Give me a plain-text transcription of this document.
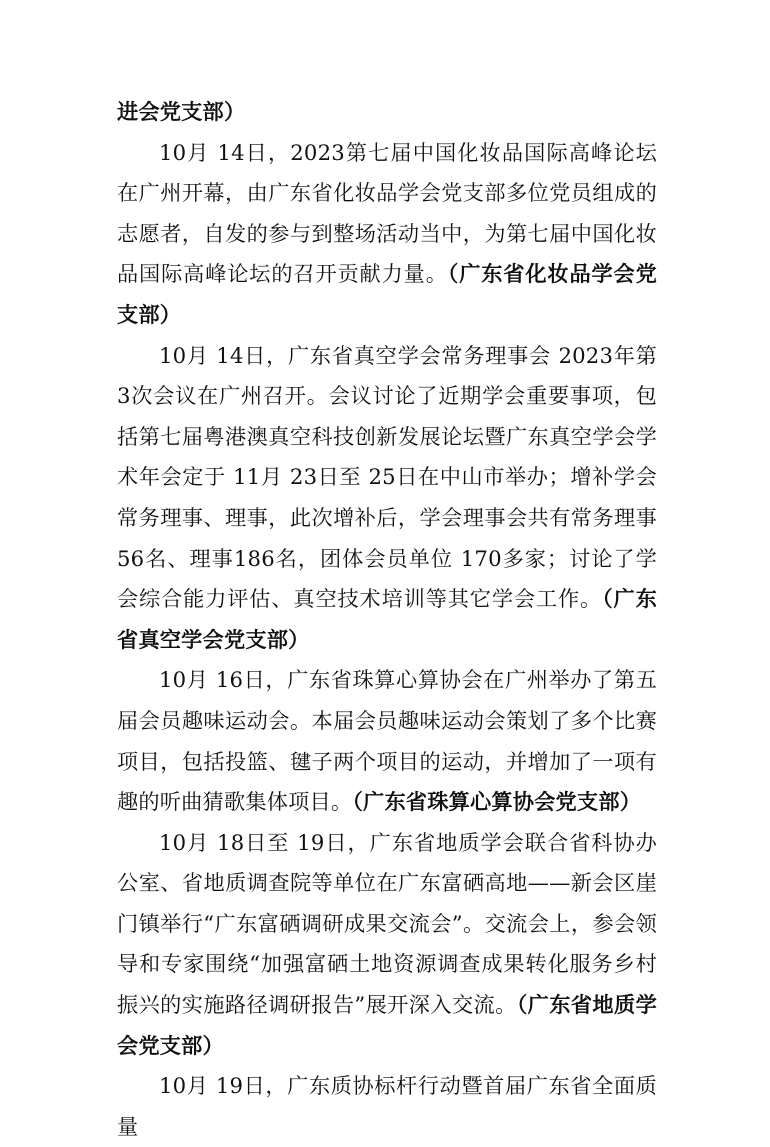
进会党支部）

10月 14日，2023第七届中国化妆品国际高峰论坛在广州开幕，由广东省化妆品学会党支部多位党员组成的志愿者，自发的参与到整场活动当中，为第七届中国化妆品国际高峰论坛的召开贡献力量。（广东省化妆品学会党支部）

10月 14日，广东省真空学会常务理事会 2023年第 3次会议在广州召开。会议讨论了近期学会重要事项，包括第七届粤港澳真空科技创新发展论坛暨广东真空学会学术年会定于 11月 23日至 25日在中山市举办；增补学会常务理事、理事，此次增补后，学会理事会共有常务理事 56名、理事186名，团体会员单位 170多家；讨论了学会综合能力评估、真空技术培训等其它学会工作。（广东省真空学会党支部）

10月 16日，广东省珠算心算协会在广州举办了第五届会员趣味运动会。本届会员趣味运动会策划了多个比赛项目，包括投篮、毽子两个项目的运动，并增加了一项有趣的听曲猜歌集体项目。（广东省珠算心算协会党支部）

10月 18日至 19日，广东省地质学会联合省科协办公室、省地质调查院等单位在广东富硒高地——新会区崖门镇举行“广东富硒调研成果交流会”。交流会上，参会领导和专家围绕“加强富硒土地资源调查成果转化服务乡村振兴的实施路径调研报告”展开深入交流。（广东省地质学会党支部）

10月 19日，广东质协标杆行动暨首届广东省全面质量
